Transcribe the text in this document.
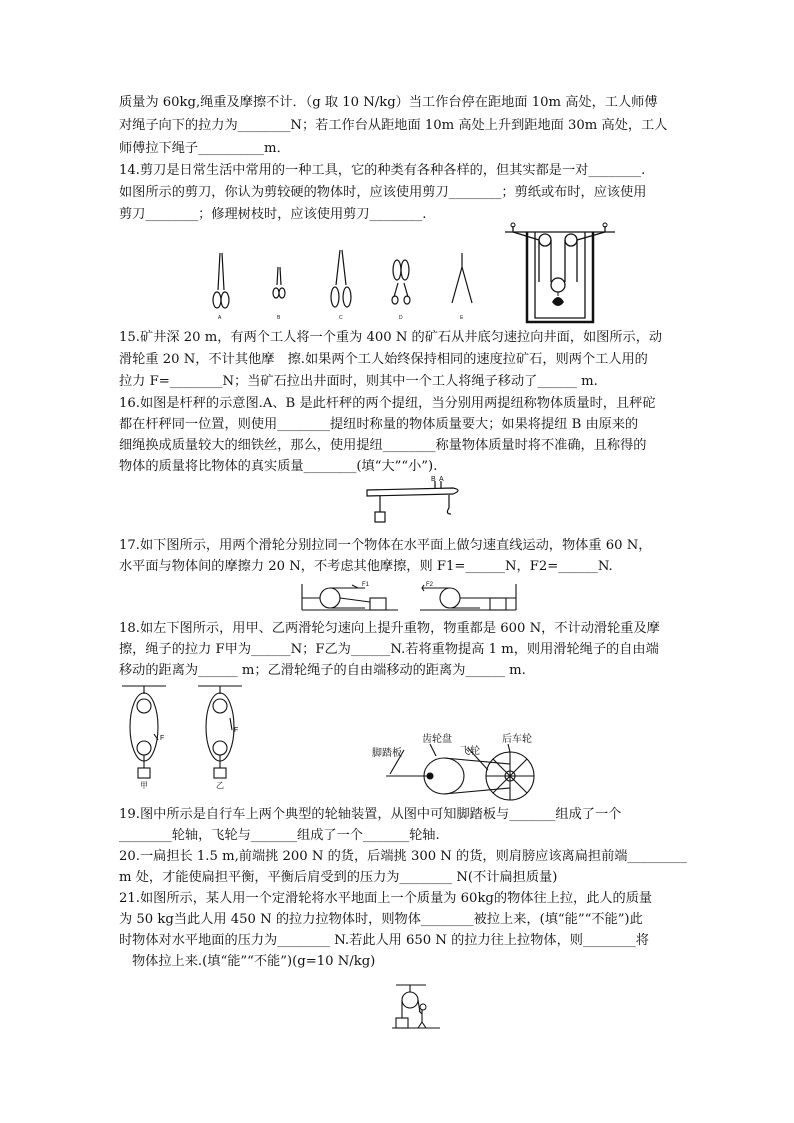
质量为 60kg,绳重及摩擦不计．（g 取 10 N/kg）当工作台停在距地面 10m 高处，工人师傅
对绳子向下的拉力为________N；若工作台从距地面 10m 高处上升到距地面 30m 高处，工人
师傅拉下绳子__________m．
14.剪刀是日常生活中常用的一种工具，它的种类有各种各样的，但其实都是一对________.
如图所示的剪刀，你认为剪较硬的物体时，应该使用剪刀________；剪纸或布时，应该使用
剪刀________；修理树枝时，应该使用剪刀________.
A	B	C	D	E
15.矿井深 20 m，有两个工人将一个重为 400 N 的矿石从井底匀速拉向井面，如图所示，动
滑轮重 20 N，不计其他摩　擦.如果两个工人始终保持相同的速度拉矿石，则两个工人用的
拉力 F=________N；当矿石拉出井面时，则其中一个工人将绳子移动了______ m.
16.如图是杆秤的示意图.A、B 是此杆秤的两个提纽，当分别用两提纽称物体质量时，且秤砣
都在杆秤同一位置，则使用________提纽时称量的物体质量要大；如果将提纽 B 由原来的
细绳换成质量较大的细铁丝，那么，使用提纽________称量物体质量时将不准确，且称得的
物体的质量将比物体的真实质量________(填“大”“小”).
B A
17.如下图所示，用两个滑轮分别拉同一个物体在水平面上做匀速直线运动，物体重 60 N，
水平面与物体间的摩擦力 20 N，不考虑其他摩擦，则 F1=______N，F2=______N.
F1	F2
18.如左下图所示，用甲、乙两滑轮匀速向上提升重物，物重都是 600 N，不计动滑轮重及摩
擦，绳子的拉力 F甲为______N；F乙为______N.若将重物提高 1 m，则用滑轮绳子的自由端
移动的距离为______ m；乙滑轮绳子的自由端移动的距离为______ m.
F
F
甲	乙
齿轮盘	后车轮
脚踏板	飞轮
19.图中所示是自行车上两个典型的轮轴装置，从图中可知脚踏板与_______组成了一个
________轮轴，飞轮与_______组成了一个_______轮轴.
20.一扁担长 1.5 m,前端挑 200 N 的货，后端挑 300 N 的货，则肩膀应该离扁担前端_________
m 处，才能使扁担平衡，平衡后肩受到的压力为________ N(不计扁担质量)
21.如图所示，某人用一个定滑轮将水平地面上一个质量为 60kg的物体往上拉，此人的质量
为 50 kg当此人用 450 N 的拉力拉物体时，则物体________被拉上来，(填“能”“不能”)此
时物体对水平地面的压力为________ N.若此人用 650 N 的拉力往上拉物体，则________将
物体拉上来.(填“能”“不能”)(g=10 N/kg)
